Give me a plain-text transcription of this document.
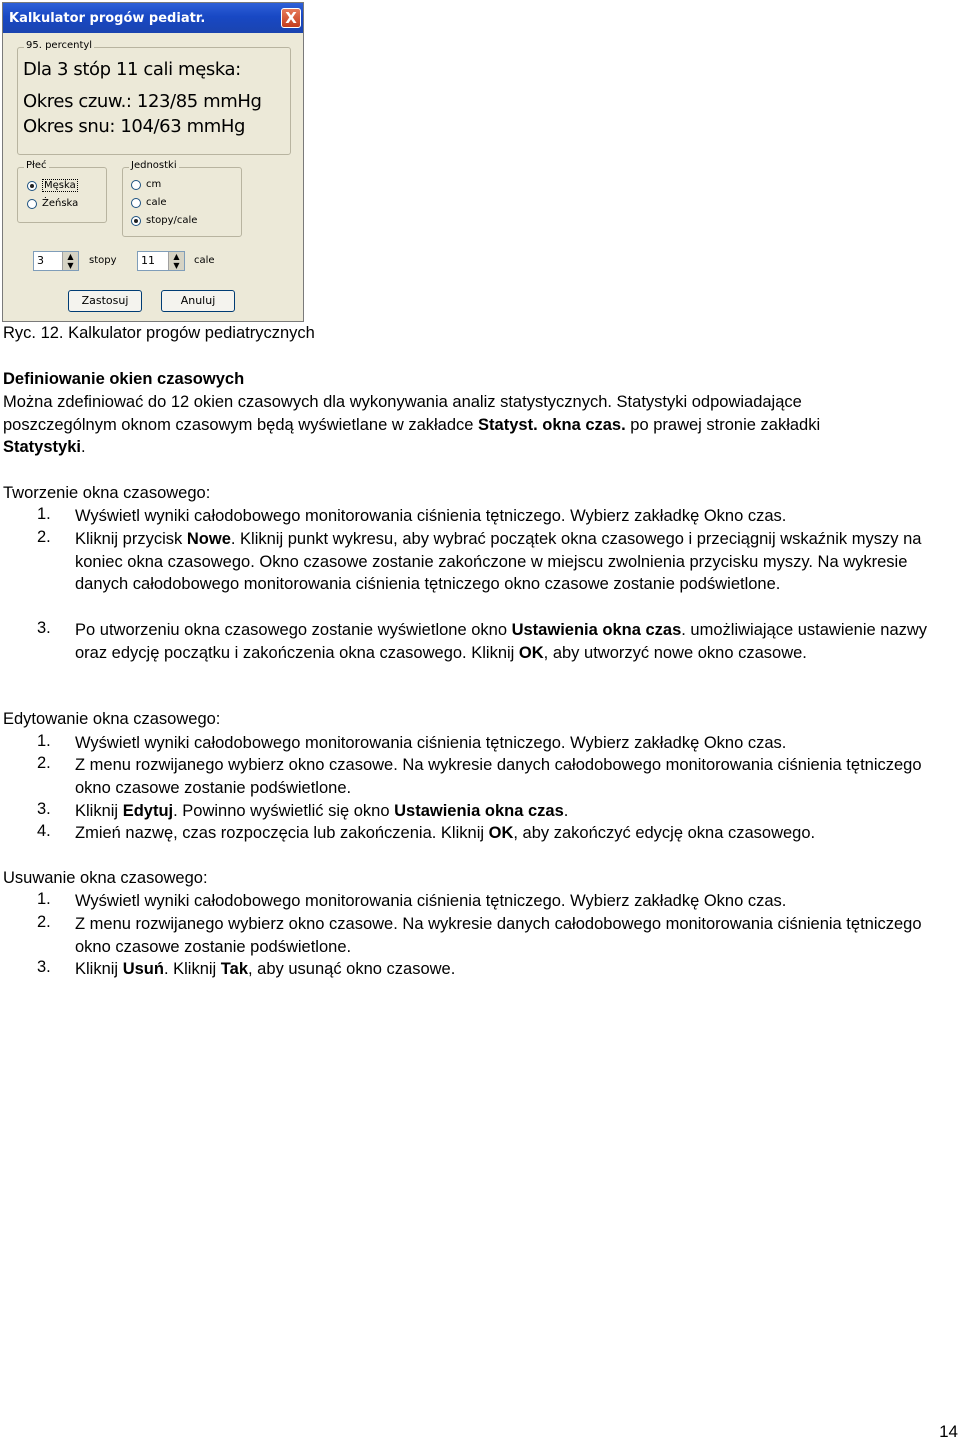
Kalkulator progów pediatr.	X
95. percentyl
Dla 3 stóp 11 cali męska:
Okres czuw.: 123/85 mmHg
Okres snu: 104/63 mmHg
Płeć
Męska
Żeńska
Jednostki
cm
cale
stopy/cale
3	▲
▼	stopy	11	▲
▼	cale
Zastosuj	Anuluj
Ryc. 12. Kalkulator progów pediatrycznych
Definiowanie okien czasowych
Można zdefiniować do 12 okien czasowych dla wykonywania analiz statystycznych. Statystyki odpowiadające
poszczególnym oknom czasowym będą wyświetlane w zakładce Statyst. okna czas. po prawej stronie zakładki
Statystyki.
Tworzenie okna czasowego:
1. Wyświetl wyniki całodobowego monitorowania ciśnienia tętniczego. Wybierz zakładkę Okno czas.
2. Kliknij przycisk Nowe. Kliknij punkt wykresu, aby wybrać początek okna czasowego i przeciągnij wskaźnik myszy na koniec okna czasowego. Okno czasowe zostanie zakończone w miejscu zwolnienia przycisku myszy. Na wykresie danych całodobowego monitorowania ciśnienia tętniczego okno czasowe zostanie podświetlone.
3. Po utworzeniu okna czasowego zostanie wyświetlone okno Ustawienia okna czas. umożliwiające ustawienie nazwy oraz edycję początku i zakończenia okna czasowego. Kliknij OK, aby utworzyć nowe okno czasowe.
Edytowanie okna czasowego:
1. Wyświetl wyniki całodobowego monitorowania ciśnienia tętniczego. Wybierz zakładkę Okno czas.
2. Z menu rozwijanego wybierz okno czasowe. Na wykresie danych całodobowego monitorowania ciśnienia tętniczego okno czasowe zostanie podświetlone.
3. Kliknij Edytuj. Powinno wyświetlić się okno Ustawienia okna czas.
4. Zmień nazwę, czas rozpoczęcia lub zakończenia. Kliknij OK, aby zakończyć edycję okna czasowego.
Usuwanie okna czasowego:
1. Wyświetl wyniki całodobowego monitorowania ciśnienia tętniczego. Wybierz zakładkę Okno czas.
2. Z menu rozwijanego wybierz okno czasowe. Na wykresie danych całodobowego monitorowania ciśnienia tętniczego okno czasowe zostanie podświetlone.
3. Kliknij Usuń. Kliknij Tak, aby usunąć okno czasowe.
14
